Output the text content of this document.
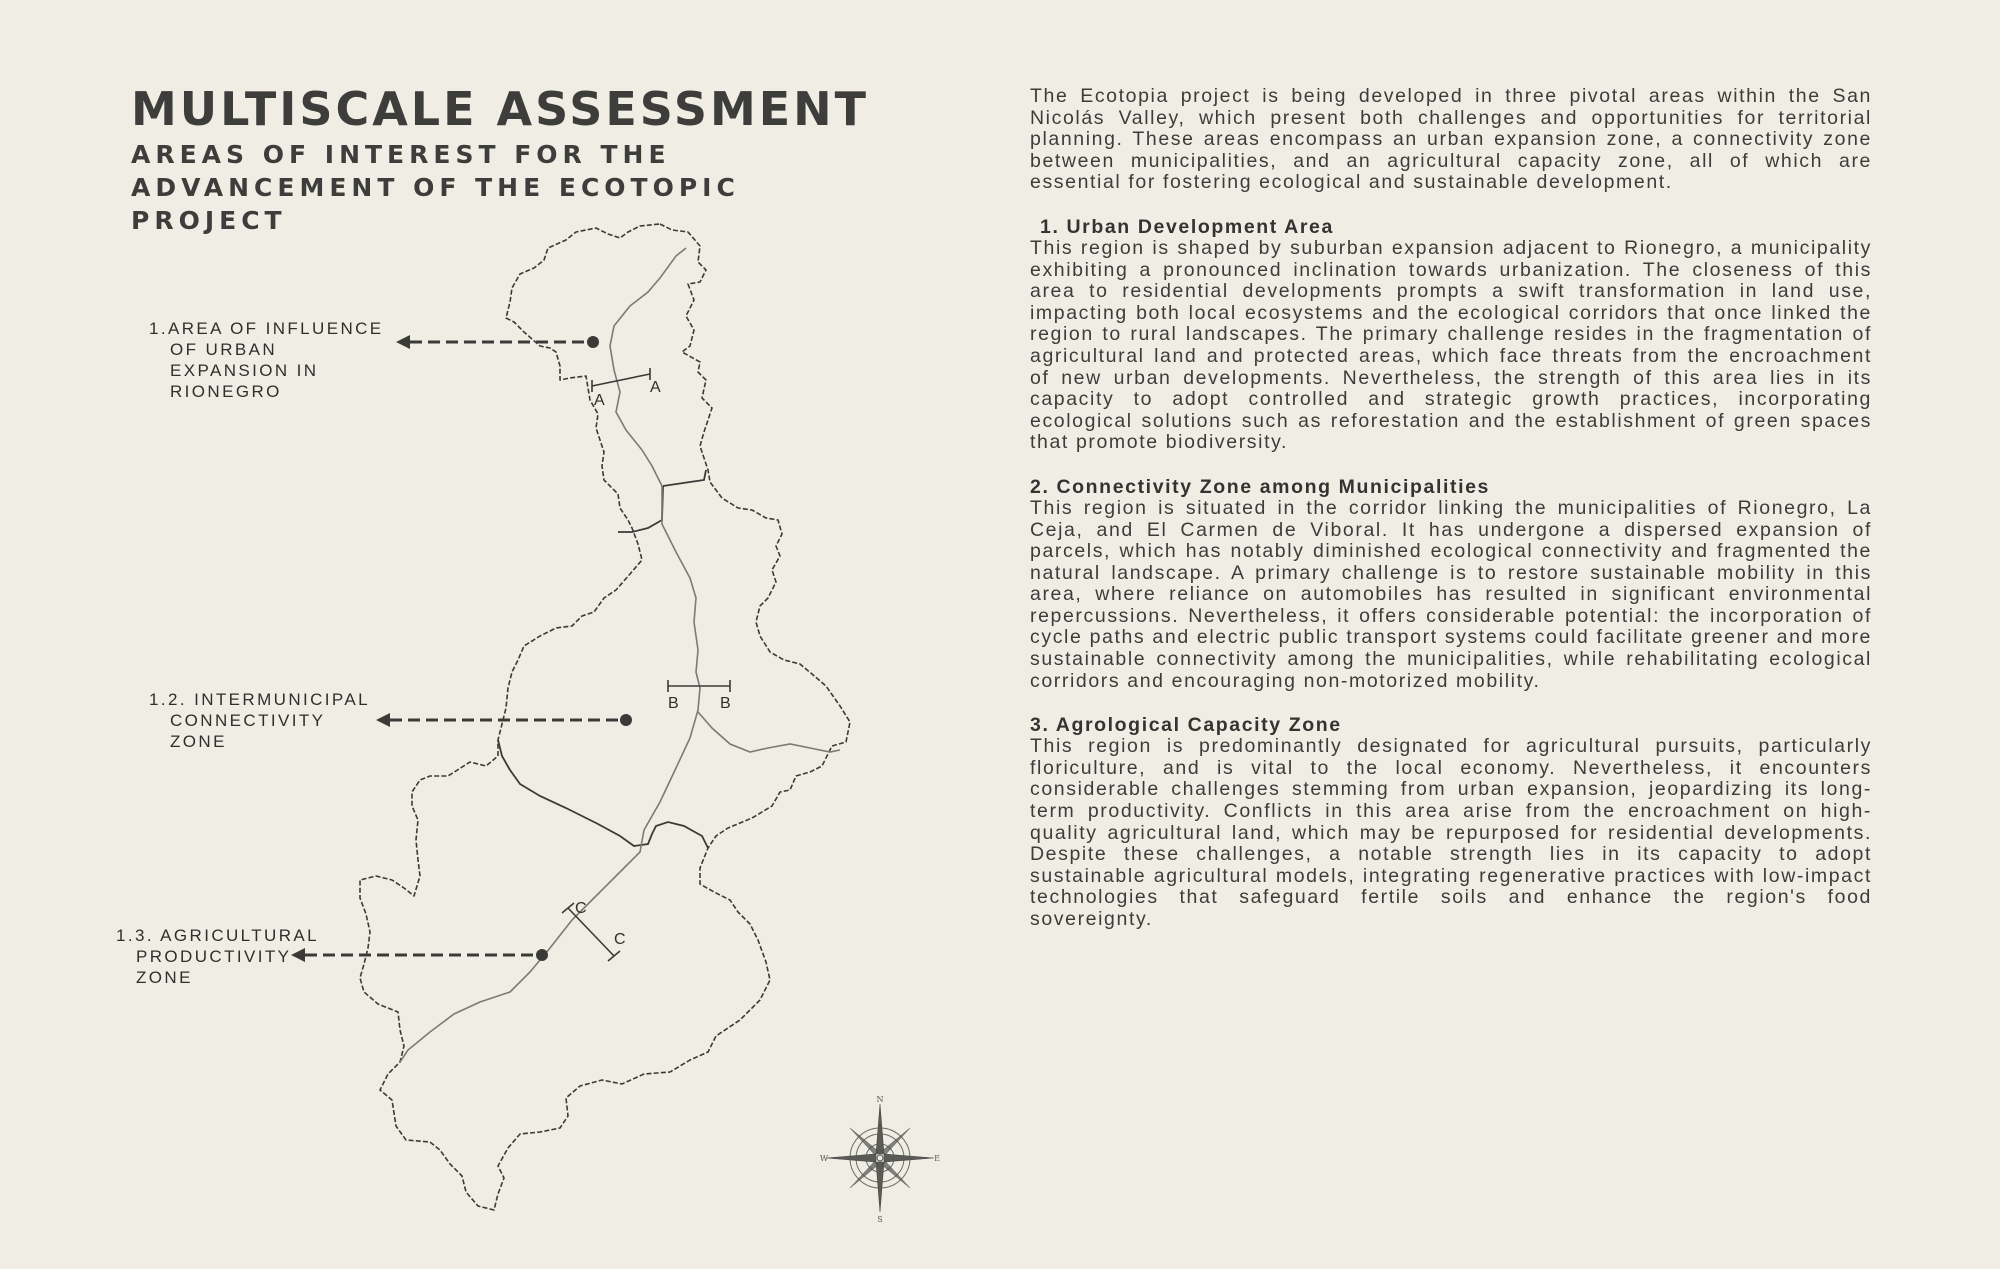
MULTISCALE ASSESSMENT
AREAS OF INTEREST FOR THE ADVANCEMENT OF THE ECOTOPIC PROJECT
A
A
B	B
C
C
1.AREA OF INFLUENCE
OF URBAN
EXPANSION IN
RIONEGRO
1.2. INTERMUNICIPAL
CONNECTIVITY
ZONE
1.3. AGRICULTURAL
PRODUCTIVITY
ZONE
N
S
W	E

The Ecotopia project is being developed in three pivotal areas within the San Nicolás Valley, which present both challenges and opportunities for territorial planning. These areas encompass an urban expansion zone, a connectivity zone between municipalities, and an agricultural capacity zone, all of which are essential for fostering ecological and sustainable development.

1. Urban Development Area

This region is shaped by suburban expansion adjacent to Rionegro, a municipality exhibiting a pronounced inclination towards urbanization. The closeness of this area to residential developments prompts a swift transformation in land use, impacting both local ecosystems and the ecological corridors that once linked the region to rural landscapes. The primary challenge resides in the fragmentation of agricultural land and protected areas, which face threats from the encroachment of new urban developments. Nevertheless, the strength of this area lies in its capacity to adopt controlled and strategic growth practices, incorporating ecological solutions such as reforestation and the establishment of green spaces that promote biodiversity.

2. Connectivity Zone among Municipalities

This region is situated in the corridor linking the municipalities of Rionegro, La Ceja, and El Carmen de Viboral. It has undergone a dispersed expansion of parcels, which has notably diminished ecological connectivity and fragmented the natural landscape. A primary challenge is to restore sustainable mobility in this area, where reliance on automobiles has resulted in significant environmental repercussions. Nevertheless, it offers considerable potential: the incorporation of cycle paths and electric public transport systems could facilitate greener and more sustainable connectivity among the municipalities, while rehabilitating ecological corridors and encouraging non-motorized mobility.

3. Agrological Capacity Zone

This region is predominantly designated for agricultural pursuits, particularly floriculture, and is vital to the local economy. Nevertheless, it encounters considerable challenges stemming from urban expansion, jeopardizing its long-term productivity. Conflicts in this area arise from the encroachment on high-quality agricultural land, which may be repurposed for residential developments. Despite these challenges, a notable strength lies in its capacity to adopt sustainable agricultural models, integrating regenerative practices with low-impact technologies that safeguard fertile soils and enhance the region's food sovereignty.
